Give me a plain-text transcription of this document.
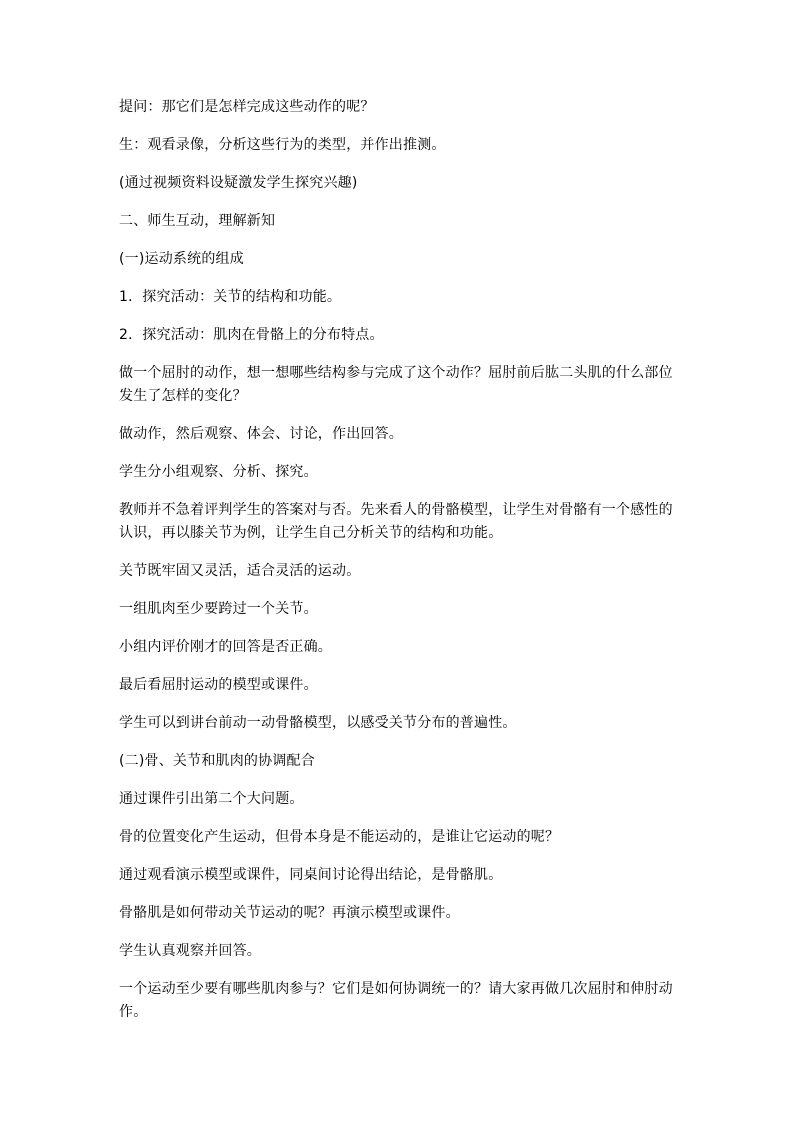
提问：那它们是怎样完成这些动作的呢？

生：观看录像，分析这些行为的类型，并作出推测。

(通过视频资料设疑激发学生探究兴趣)

二、师生互动，理解新知

(一)运动系统的组成

1．探究活动：关节的结构和功能。

2．探究活动：肌肉在骨骼上的分布特点。

做一个屈肘的动作，想一想哪些结构参与完成了这个动作？屈肘前后肱二头肌的什么部位发生了怎样的变化？

做动作，然后观察、体会、讨论，作出回答。

学生分小组观察、分析、探究。

教师并不急着评判学生的答案对与否。先来看人的骨骼模型，让学生对骨骼有一个感性的认识，再以膝关节为例，让学生自己分析关节的结构和功能。

关节既牢固又灵活，适合灵活的运动。

一组肌肉至少要跨过一个关节。

小组内评价刚才的回答是否正确。

最后看屈肘运动的模型或课件。

学生可以到讲台前动一动骨骼模型，以感受关节分布的普遍性。

(二)骨、关节和肌肉的协调配合

通过课件引出第二个大问题。

骨的位置变化产生运动，但骨本身是不能运动的，是谁让它运动的呢？

通过观看演示模型或课件，同桌间讨论得出结论，是骨骼肌。

骨骼肌是如何带动关节运动的呢？再演示模型或课件。

学生认真观察并回答。

一个运动至少要有哪些肌肉参与？它们是如何协调统一的？请大家再做几次屈肘和伸肘动作。
